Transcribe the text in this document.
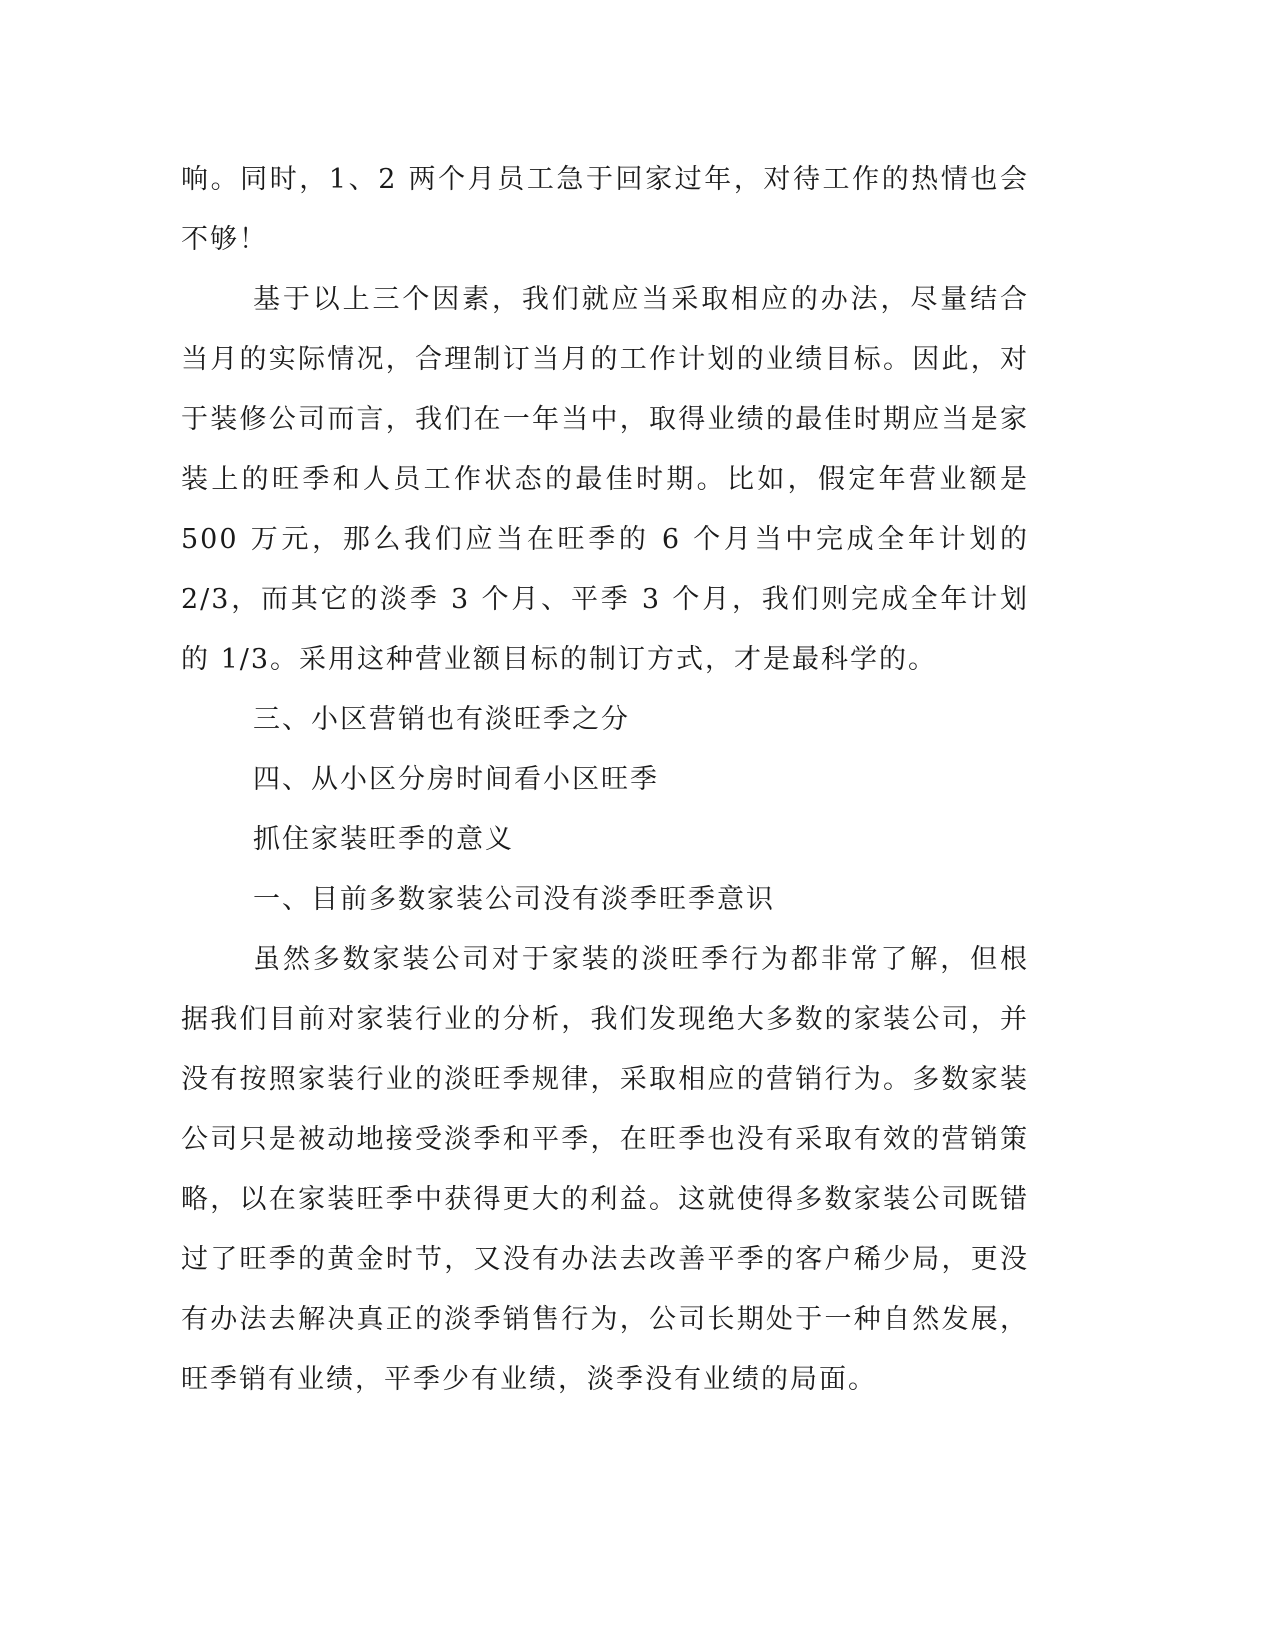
响。同时，1、2 两个月员工急于回家过年，对待工作的热情也会不够！

基于以上三个因素，我们就应当采取相应的办法，尽量结合当月的实际情况，合理制订当月的工作计划的业绩目标。因此，对于装修公司而言，我们在一年当中，取得业绩的最佳时期应当是家装上的旺季和人员工作状态的最佳时期。比如，假定年营业额是 500 万元，那么我们应当在旺季的 6 个月当中完成全年计划的 2/3，而其它的淡季 3 个月、平季 3 个月，我们则完成全年计划的 1/3。采用这种营业额目标的制订方式，才是最科学的。

三、小区营销也有淡旺季之分

四、从小区分房时间看小区旺季

抓住家装旺季的意义

一、目前多数家装公司没有淡季旺季意识

虽然多数家装公司对于家装的淡旺季行为都非常了解，但根据我们目前对家装行业的分析，我们发现绝大多数的家装公司，并没有按照家装行业的淡旺季规律，采取相应的营销行为。多数家装公司只是被动地接受淡季和平季，在旺季也没有采取有效的营销策略，以在家装旺季中获得更大的利益。这就使得多数家装公司既错过了旺季的黄金时节，又没有办法去改善平季的客户稀少局，更没有办法去解决真正的淡季销售行为，公司长期处于一种自然发展，旺季销有业绩，平季少有业绩，淡季没有业绩的局面。
